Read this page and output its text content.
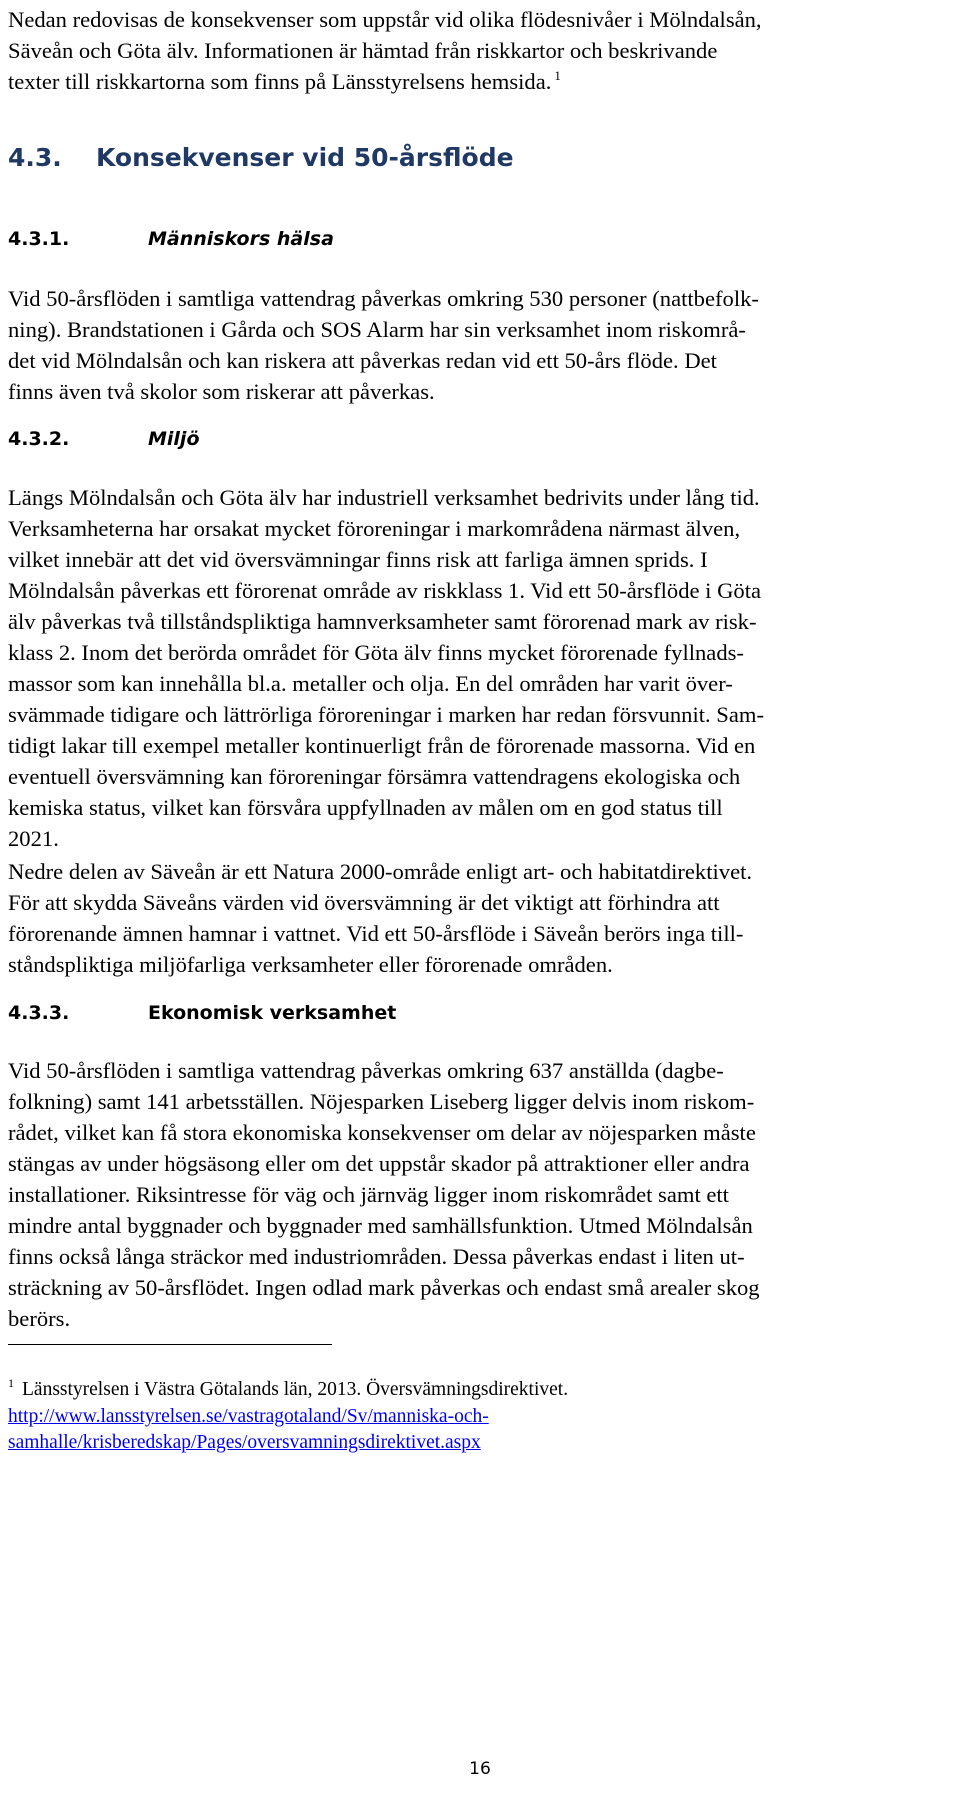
Nedan redovisas de konsekvenser som uppstår vid olika flödesnivåer i Mölndalsån,
Säveån och Göta älv. Informationen är hämtad från riskkartor och beskrivande
texter till riskkartorna som finns på Länsstyrelsens hemsida. $^1$

4.3. Konsekvenser vid 50-årsflöde
4.3.1.	Människors hälsa

Vid 50-årsflöden i samtliga vattendrag påverkas omkring 530 personer (nattbefolk-
ning). Brandstationen i Gårda och SOS Alarm har sin verksamhet inom riskområ-
det vid Mölndalsån och kan riskera att påverkas redan vid ett 50-års flöde. Det
finns även två skolor som riskerar att påverkas.

4.3.2.	Miljö

Längs Mölndalsån och Göta älv har industriell verksamhet bedrivits under lång tid.
Verksamheterna har orsakat mycket föroreningar i markområdena närmast älven,
vilket innebär att det vid översvämningar finns risk att farliga ämnen sprids. I
Mölndalsån påverkas ett förorenat område av riskklass 1. Vid ett 50-årsflöde i Göta
älv påverkas två tillståndspliktiga hamnverksamheter samt förorenad mark av risk-
klass 2. Inom det berörda området för Göta älv finns mycket förorenade fyllnads-
massor som kan innehålla bl.a. metaller och olja. En del områden har varit över-
svämmade tidigare och lättrörliga föroreningar i marken har redan försvunnit. Sam-
tidigt lakar till exempel metaller kontinuerligt från de förorenade massorna. Vid en
eventuell översvämning kan föroreningar försämra vattendragens ekologiska och
kemiska status, vilket kan försvåra uppfyllnaden av målen om en god status till
2021.

Nedre delen av Säveån är ett Natura 2000-område enligt art- och habitatdirektivet.
För att skydda Säveåns värden vid översvämning är det viktigt att förhindra att
förorenande ämnen hamnar i vattnet. Vid ett 50-årsflöde i Säveån berörs inga till-
ståndspliktiga miljöfarliga verksamheter eller förorenade områden.

4.3.3.	Ekonomisk verksamhet

Vid 50-årsflöden i samtliga vattendrag påverkas omkring 637 anställda (dagbe-
folkning) samt 141 arbetsställen. Nöjesparken Liseberg ligger delvis inom riskom-
rådet, vilket kan få stora ekonomiska konsekvenser om delar av nöjesparken måste
stängas av under högsäsong eller om det uppstår skador på attraktioner eller andra
installationer. Riksintresse för väg och järnväg ligger inom riskområdet samt ett
mindre antal byggnader och byggnader med samhällsfunktion. Utmed Mölndalsån
finns också långa sträckor med industriområden. Dessa påverkas endast i liten ut-
sträckning av 50-årsflödet. Ingen odlad mark påverkas och endast små arealer skog
berörs.

$^1$ Länsstyrelsen i Västra Götalands län, 2013. Översvämningsdirektivet.
http://www.lansstyrelsen.se/vastragotaland/Sv/manniska-och-
samhalle/krisberedskap/Pages/oversvamningsdirektivet.aspx
16
